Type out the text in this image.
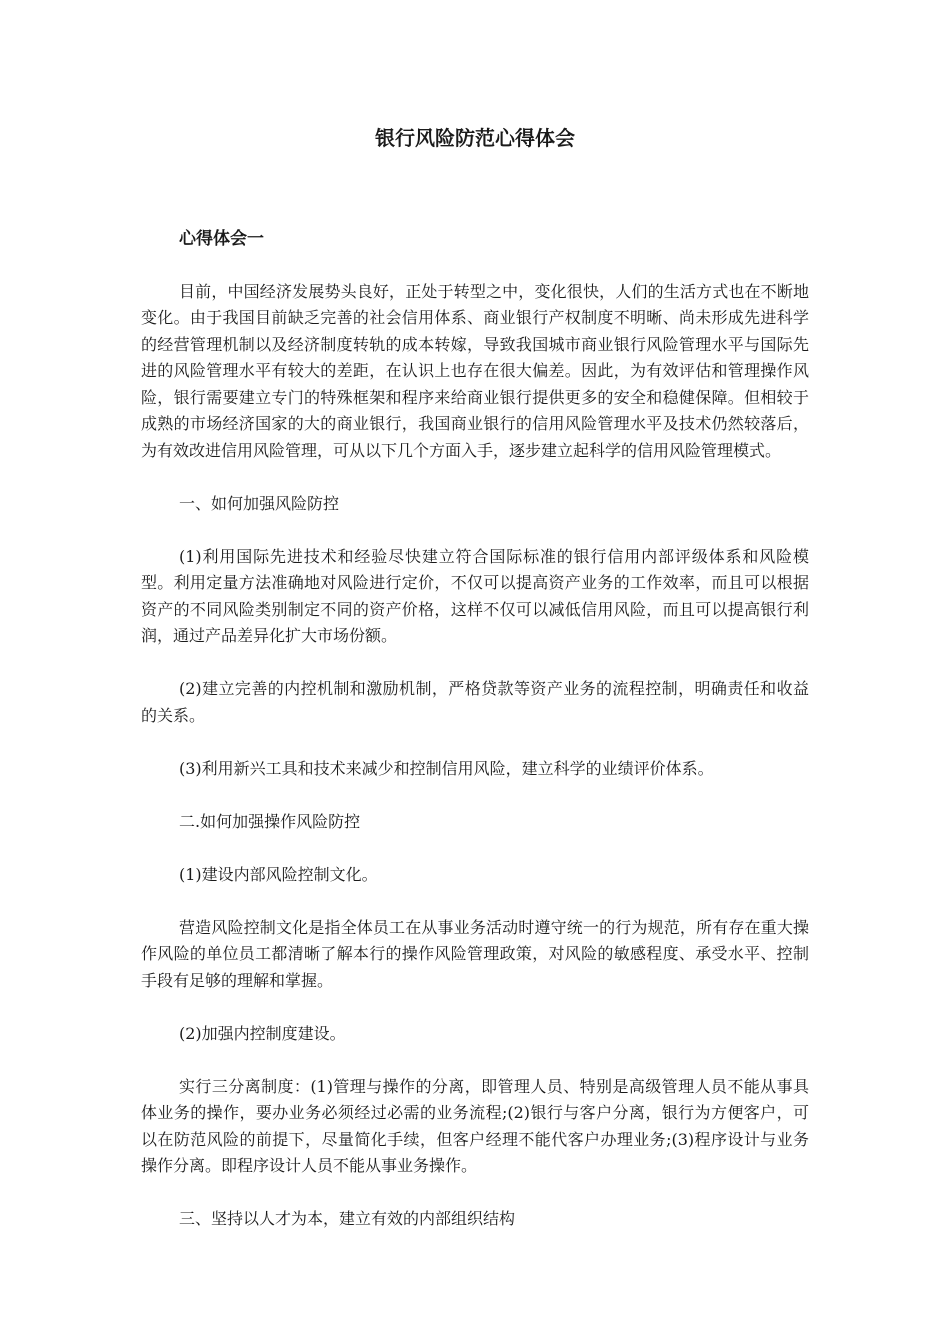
银行风险防范心得体会

心得体会一

目前，中国经济发展势头良好，正处于转型之中，变化很快，人们的生活方式也在不断地变化。由于我国目前缺乏完善的社会信用体系、商业银行产权制度不明晰、尚未形成先进科学的经营管理机制以及经济制度转轨的成本转嫁，导致我国城市商业银行风险管理水平与国际先进的风险管理水平有较大的差距，在认识上也存在很大偏差。因此，为有效评估和管理操作风险，银行需要建立专门的特殊框架和程序来给商业银行提供更多的安全和稳健保障。但相较于成熟的市场经济国家的大的商业银行，我国商业银行的信用风险管理水平及技术仍然较落后，为有效改进信用风险管理，可从以下几个方面入手，逐步建立起科学的信用风险管理模式。

一、如何加强风险防控

(1)利用国际先进技术和经验尽快建立符合国际标准的银行信用内部评级体系和风险模型。利用定量方法准确地对风险进行定价，不仅可以提高资产业务的工作效率，而且可以根据资产的不同风险类别制定不同的资产价格，这样不仅可以减低信用风险，而且可以提高银行利润，通过产品差异化扩大市场份额。

(2)建立完善的内控机制和激励机制，严格贷款等资产业务的流程控制，明确责任和收益的关系。

(3)利用新兴工具和技术来减少和控制信用风险，建立科学的业绩评价体系。

二.如何加强操作风险防控

(1)建设内部风险控制文化。

营造风险控制文化是指全体员工在从事业务活动时遵守统一的行为规范，所有存在重大操作风险的单位员工都清晰了解本行的操作风险管理政策，对风险的敏感程度、承受水平、控制手段有足够的理解和掌握。

(2)加强内控制度建设。

实行三分离制度：(1)管理与操作的分离，即管理人员、特别是高级管理人员不能从事具体业务的操作，要办业务必须经过必需的业务流程;(2)银行与客户分离，银行为方便客户，可以在防范风险的前提下，尽量简化手续，但客户经理不能代客户办理业务;(3)程序设计与业务操作分离。即程序设计人员不能从事业务操作。

三、坚持以人才为本，建立有效的内部组织结构
